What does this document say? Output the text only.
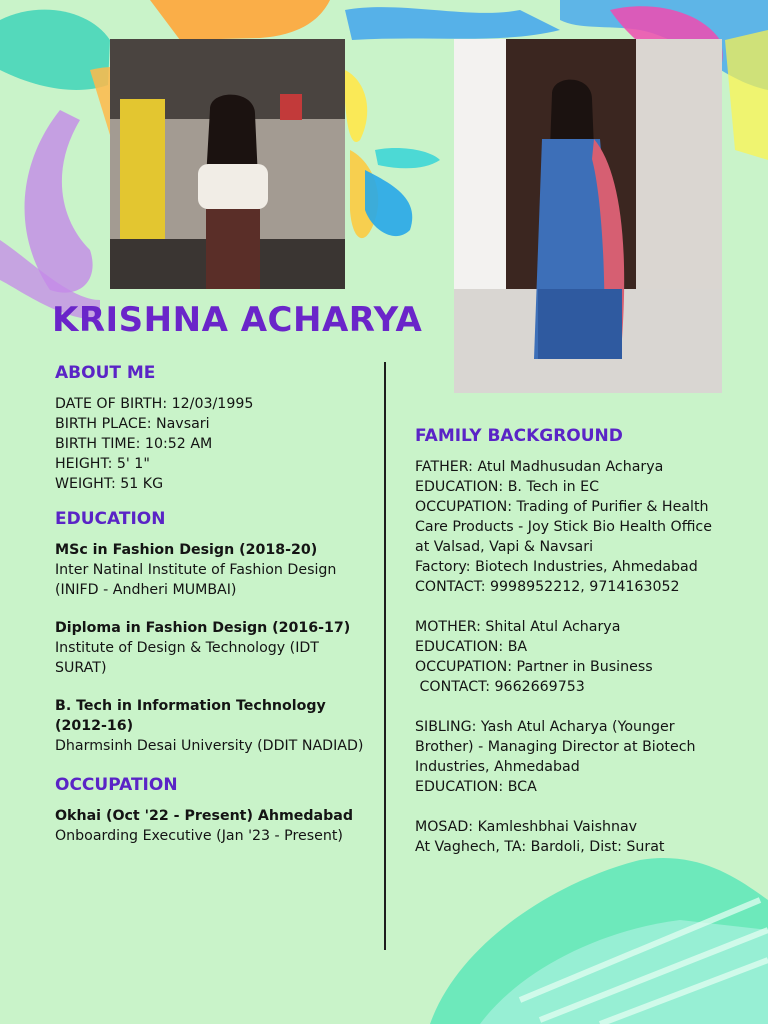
KRISHNA ACHARYA
ABOUT ME
DATE OF BIRTH: 12/03/1995
BIRTH PLACE: Navsari
BIRTH TIME: 10:52 AM
HEIGHT: 5' 1"
WEIGHT: 51 KG
EDUCATION
MSc in Fashion Design (2018-20)
Inter Natinal Institute of Fashion Design (INIFD - Andheri MUMBAI)
Diploma in Fashion Design (2016-17)
Institute of Design & Technology (IDT SURAT)
B. Tech in Information Technology (2012-16)
Dharmsinh Desai University (DDIT NADIAD)
OCCUPATION
Okhai (Oct '22 - Present) Ahmedabad
Onboarding Executive (Jan '23 - Present)
FAMILY BACKGROUND
FATHER: Atul Madhusudan Acharya
EDUCATION: B. Tech in EC
OCCUPATION: Trading of Purifier & Health Care Products - Joy Stick Bio Health Office at Valsad, Vapi & Navsari
Factory: Biotech Industries, Ahmedabad
CONTACT: 9998952212, 9714163052
MOTHER: Shital Atul Acharya
EDUCATION: BA
OCCUPATION: Partner in Business
CONTACT: 9662669753
SIBLING: Yash Atul Acharya (Younger Brother) - Managing Director at Biotech Industries, Ahmedabad
EDUCATION: BCA
MOSAD: Kamleshbhai Vaishnav
At Vaghech, TA: Bardoli, Dist: Surat
